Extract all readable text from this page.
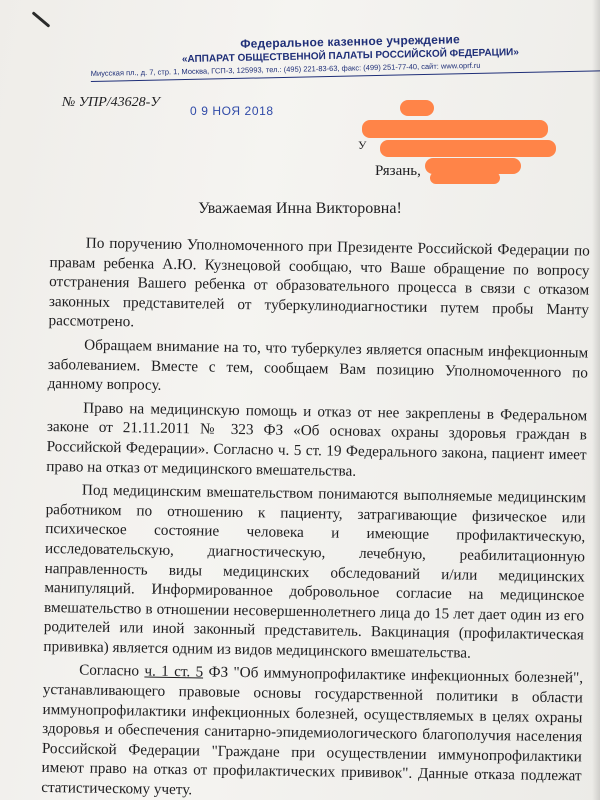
Федеральное казенное учреждение
«АППАРАТ ОБЩЕСТВЕННОЙ ПАЛАТЫ РОССИЙСКОЙ ФЕДЕРАЦИИ»
Миусская пл., д. 7, стр. 1, Москва, ГСП-3, 125993, тел.: (495) 221-83-63, факс: (499) 251-77-40, сайт: www.oprf.ru
№ УПР/43628-У
0 9 НОЯ 2018
У
Рязань,
Уважаемая Инна Викторовна!

По поручению Уполномоченного при Президенте Российской Федерации по правам ребенка А.Ю. Кузнецовой сообщаю, что Ваше обращение по вопросу отстранения Вашего ребенка от образовательного процесса в связи с отказом законных представителей от туберкулинодиагностики путем пробы Манту рассмотрено.

Обращаем внимание на то, что туберкулез является опасным инфекционным заболеванием. Вместе с тем, сообщаем Вам позицию Уполномоченного по данному вопросу.

Право на медицинскую помощь и отказ от нее закреплены в Федеральном законе от 21.11.2011 № 323 ФЗ «Об основах охраны здоровья граждан в Российской Федерации». Согласно ч. 5 ст. 19 Федерального закона, пациент имеет право на отказ от медицинского вмешательства.

Под медицинским вмешательством понимаются выполняемые медицинским работником по отношению к пациенту, затрагивающие физическое или психическое состояние человека и имеющие профилактическую, исследовательскую, диагностическую, лечебную, реабилитационную направленность виды медицинских обследований и/или медицинских манипуляций. Информированное добровольное согласие на медицинское вмешательство в отношении несовершеннолетнего лица до 15 лет дает один из его родителей или иной законный представитель. Вакцинация (профилактическая прививка) является одним из видов медицинского вмешательства.

Согласно ч. 1 ст. 5 ФЗ "Об иммунопрофилактике инфекционных болезней", устанавливающего правовые основы государственной политики в области иммунопрофилактики инфекционных болезней, осуществляемых в целях охраны здоровья и обеспечения санитарно-эпидемиологического благополучия населения Российской Федерации "Граждане при осуществлении иммунопрофилактики имеют право на отказ от профилактических прививок". Данные отказа подлежат статистическому учету.
